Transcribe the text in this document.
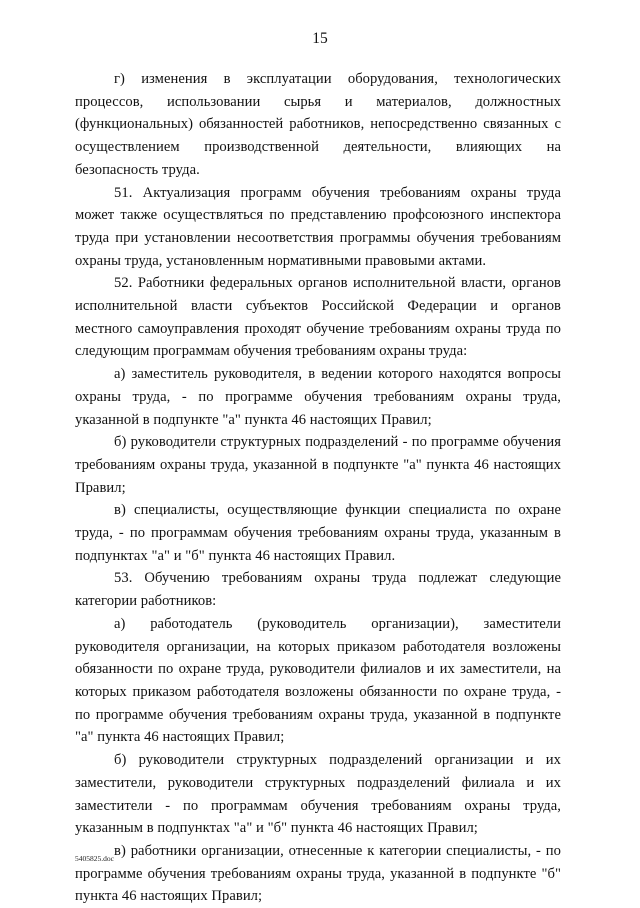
15

г) изменения в эксплуатации оборудования, технологических процессов, использовании сырья и материалов, должностных (функциональных) обязанностей работников, непосредственно связанных с осуществлением производственной деятельности, влияющих на безопасность труда.

51. Актуализация программ обучения требованиям охраны труда может также осуществляться по представлению профсоюзного инспектора труда при установлении несоответствия программы обучения требованиям охраны труда, установленным нормативными правовыми актами.

52. Работники федеральных органов исполнительной власти, органов исполнительной власти субъектов Российской Федерации и органов местного самоуправления проходят обучение требованиям охраны труда по следующим программам обучения требованиям охраны труда:

а) заместитель руководителя, в ведении которого находятся вопросы охраны труда, - по программе обучения требованиям охраны труда, указанной в подпункте "а" пункта 46 настоящих Правил;

б) руководители структурных подразделений - по программе обучения требованиям охраны труда, указанной в подпункте "а" пункта 46 настоящих Правил;

в) специалисты, осуществляющие функции специалиста по охране труда, - по программам обучения требованиям охраны труда, указанным в подпунктах "а" и "б" пункта 46 настоящих Правил.

53. Обучению требованиям охраны труда подлежат следующие категории работников:

а) работодатель (руководитель организации), заместители руководителя организации, на которых приказом работодателя возложены обязанности по охране труда, руководители филиалов и их заместители, на которых приказом работодателя возложены обязанности по охране труда, - по программе обучения требованиям охраны труда, указанной в подпункте "а" пункта 46 настоящих Правил;

б) руководители структурных подразделений организации и их заместители, руководители структурных подразделений филиала и их заместители - по программам обучения требованиям охраны труда, указанным в подпунктах "а" и "б" пункта 46 настоящих Правил;

в) работники организации, отнесенные к категории специалисты, - по программе обучения требованиям охраны труда, указанной в подпункте "б" пункта 46 настоящих Правил;

5405825.doc
